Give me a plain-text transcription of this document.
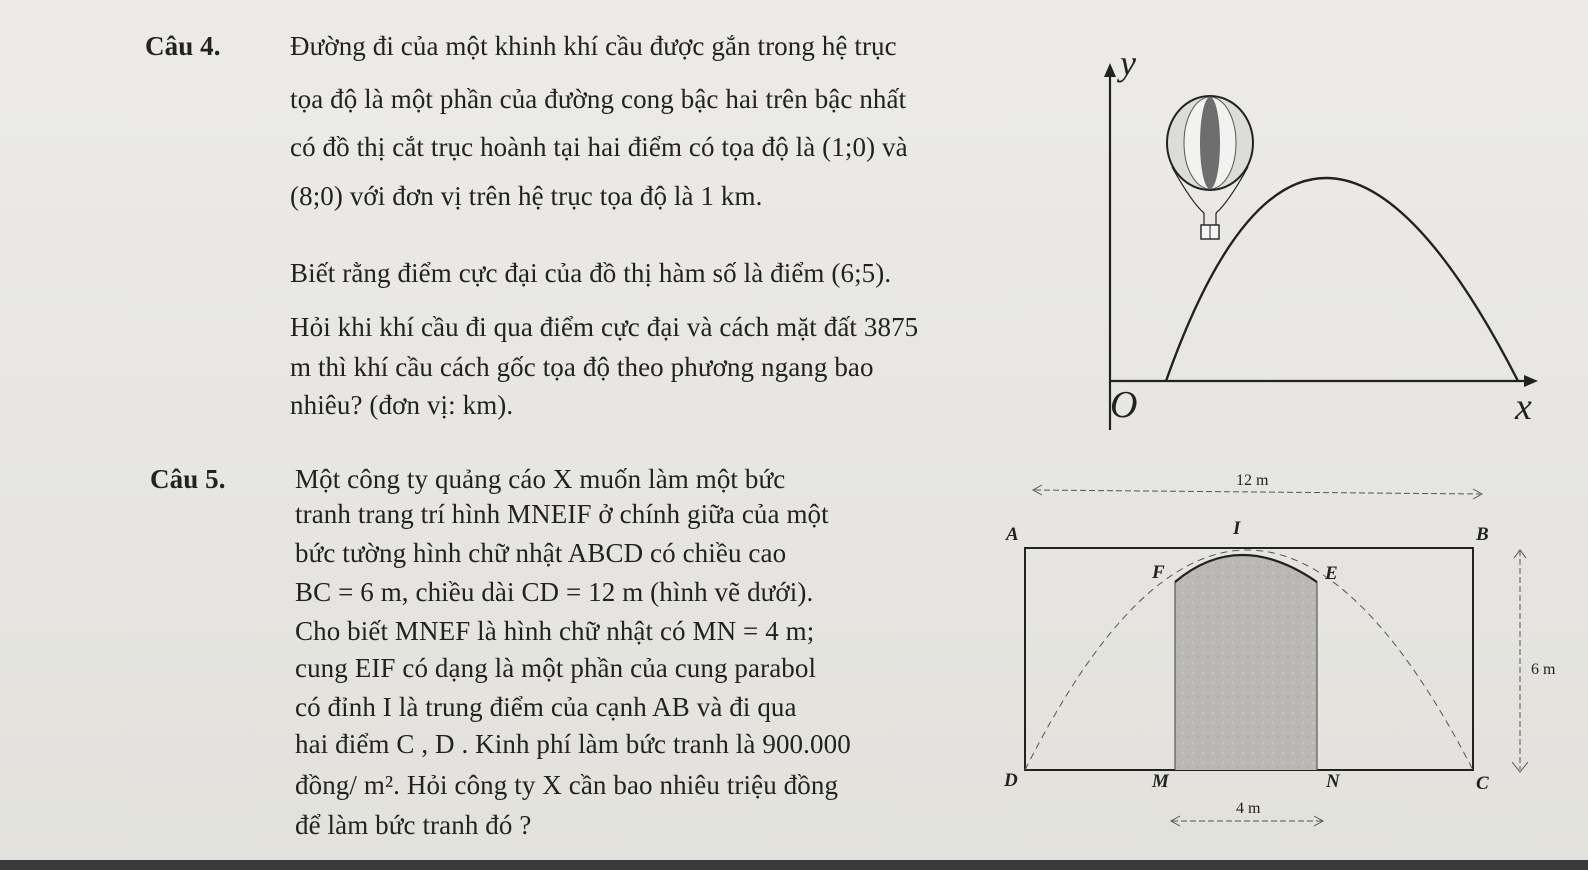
Câu 4.	Đường đi của một khinh khí cầu được gắn trong hệ trục
tọa độ là một phần của đường cong bậc hai trên bậc nhất
có đồ thị cắt trục hoành tại hai điểm có tọa độ là (1;0) và
(8;0) với đơn vị trên hệ trục tọa độ là 1 km.
Biết rằng điểm cực đại của đồ thị hàm số là điểm (6;5).
Hỏi khi khí cầu đi qua điểm cực đại và cách mặt đất 3875
m thì khí cầu cách gốc tọa độ theo phương ngang bao
nhiêu? (đơn vị: km).
y
x
O
Câu 5.	Một công ty quảng cáo X muốn làm một bức
tranh trang trí hình MNEIF ở chính giữa của một
bức tường hình chữ nhật ABCD có chiều cao
BC = 6 m, chiều dài CD = 12 m (hình vẽ dưới).
Cho biết MNEF là hình chữ nhật có MN = 4 m;
cung EIF có dạng là một phần của cung parabol
có đỉnh I là trung điểm của cạnh AB và đi qua
hai điểm C , D . Kinh phí làm bức tranh là 900.000
đồng/ m². Hỏi công ty X cần bao nhiêu triệu đồng
để làm bức tranh đó ?
12 m
6 m
4 m
A	B
C
D
I
F	E
M	N
